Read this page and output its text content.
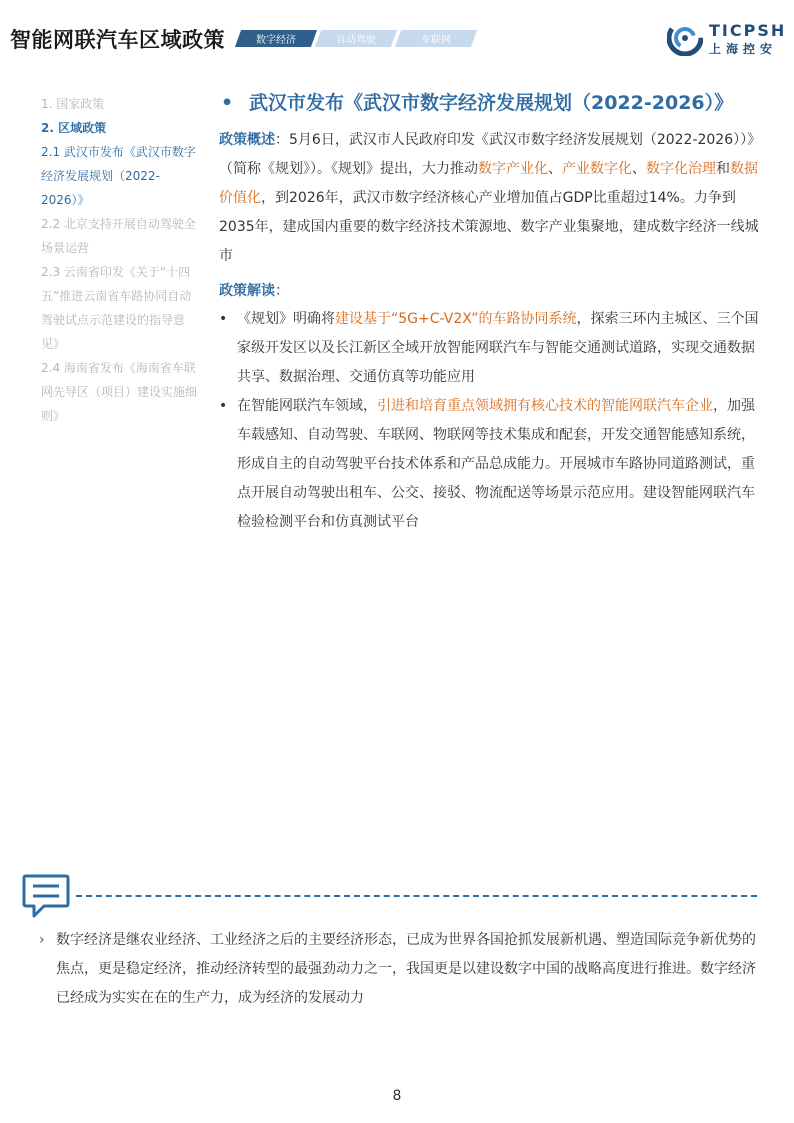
智能网联汽车区域政策	数字经济	自动驾驶	车联网
TICPSH
上海控安
1. 国家政策
2. 区域政策
2.1 武汉市发布《武汉市数字经济发展规划（2022-2026）》
2.2 北京支持开展自动驾驶全场景运营
2.3 云南省印发《关于“十四五”推进云南省车路协同自动驾驶试点示范建设的指导意见》
2.4 海南省发布《海南省车联网先导区（项目）建设实施细则》
• 武汉市发布《武汉市数字经济发展规划（2022-2026）》

政策概述：5月6日，武汉市人民政府印发《武汉市数字经济发展规划（2022-2026））》（简称《规划》）。《规划》提出，大力推动数字产业化、产业数字化、数字化治理和数据价值化，到2026年，武汉市数字经济核心产业增加值占GDP比重超过14%。力争到2035年，建成国内重要的数字经济技术策源地、数字产业集聚地，建成数字经济一线城市

政策解读：

• 《规划》明确将建设基于“5G+C-V2X”的车路协同系统，探索三环内主城区、三个国家级开发区以及长江新区全域开放智能网联汽车与智能交通测试道路，实现交通数据共享、数据治理、交通仿真等功能应用
• 在智能网联汽车领域，引进和培育重点领域拥有核心技术的智能网联汽车企业，加强车载感知、自动驾驶、车联网、物联网等技术集成和配套，开发交通智能感知系统，形成自主的自动驾驶平台技术体系和产品总成能力。开展城市车路协同道路测试，重点开展自动驾驶出租车、公交、接驳、物流配送等场景示范应用。建设智能网联汽车检验检测平台和仿真测试平台
› 数字经济是继农业经济、工业经济之后的主要经济形态，已成为世界各国抢抓发展新机遇、塑造国际竞争新优势的焦点，更是稳定经济，推动经济转型的最强劲动力之一，我国更是以建设数字中国的战略高度进行推进。数字经济已经成为实实在在的生产力，成为经济的发展动力
8
